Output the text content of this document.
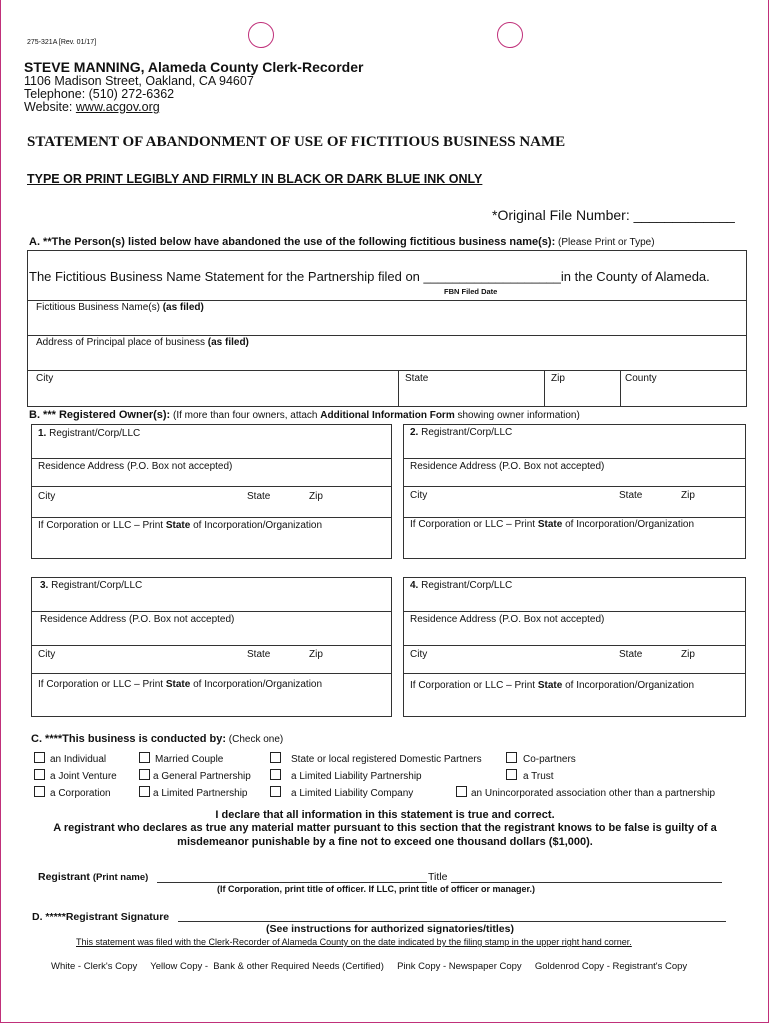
275-321A [Rev. 01/17]
STEVE MANNING, Alameda County Clerk-Recorder
1106 Madison Street, Oakland, CA 94607
Telephone: (510) 272-6362
Website: www.acgov.org
STATEMENT OF ABANDONMENT OF USE OF FICTITIOUS BUSINESS NAME
TYPE OR PRINT LEGIBLY AND FIRMLY IN BLACK OR DARK BLUE INK ONLY
*Original File Number: _____________
A. **The Person(s) listed below have abandoned the use of the following fictitious business name(s): (Please Print or Type)
The Fictitious Business Name Statement for the Partnership filed on ___________________in the County of Alameda.
FBN Filed Date
Fictitious Business Name(s) (as filed)
Address of Principal place of business (as filed)
City	State	Zip	County
B. *** Registered Owner(s): (If more than four owners, attach Additional Information Form showing owner information)
1. Registrant/Corp/LLC
Residence Address (P.O. Box not accepted)
City	State	Zip
If Corporation or LLC – Print State of Incorporation/Organization
2. Registrant/Corp/LLC
Residence Address (P.O. Box not accepted)
City	State	Zip
If Corporation or LLC – Print State of Incorporation/Organization
3. Registrant/Corp/LLC
Residence Address (P.O. Box not accepted)
City	State	Zip
If Corporation or LLC – Print State of Incorporation/Organization
4. Registrant/Corp/LLC
Residence Address (P.O. Box not accepted)
City	State	Zip
If Corporation or LLC – Print State of Incorporation/Organization
C. ****This business is conducted by: (Check one)
an Individual	Married Couple	State or local registered Domestic Partners	Co-partners
a Joint Venture	a General Partnership	a Limited Liability Partnership	a Trust
a Corporation	a Limited Partnership	a Limited Liability Company	an Unincorporated association other than a partnership
I declare that all information in this statement is true and correct.
A registrant who declares as true any material matter pursuant to this section that the registrant knows to be false is guilty of a
misdemeanor punishable by a fine not to exceed one thousand dollars ($1,000).
Registrant (Print name)	Title
(If Corporation, print title of officer. If LLC, print title of officer or manager.)
D. *****Registrant Signature
(See instructions for authorized signatories/titles)
This statement was filed with the Clerk-Recorder of Alameda County on the date indicated by the filing stamp in the upper right hand corner.
White - Clerk's Copy     Yellow Copy -  Bank & other Required Needs (Certified)     Pink Copy - Newspaper Copy     Goldenrod Copy - Registrant's Copy
